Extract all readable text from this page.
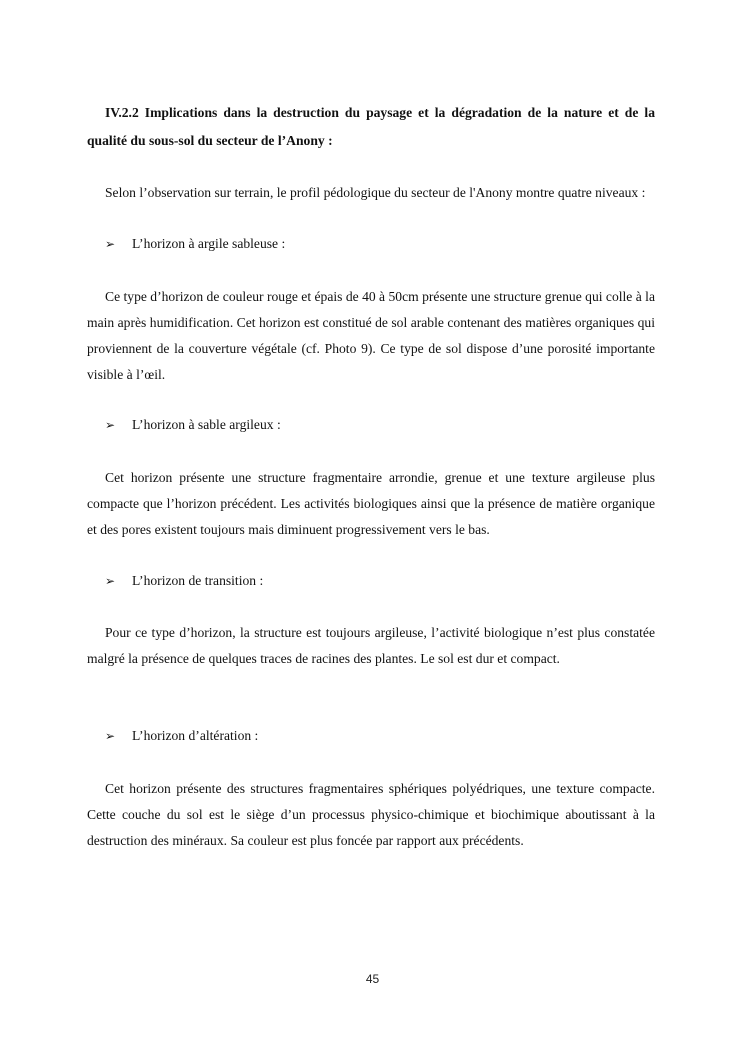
IV.2.2 Implications dans la destruction du paysage et la dégradation de la nature et de la qualité du sous-sol du secteur de l’Anony :

Selon l’observation sur terrain, le profil pédologique du secteur de l'Anony montre quatre niveaux :

➢	L’horizon à argile sableuse :

Ce type d’horizon de couleur rouge et épais de 40 à 50cm présente une structure grenue qui colle à la main après humidification. Cet horizon est constitué de sol arable contenant des matières organiques qui proviennent de la couverture végétale (cf. Photo 9). Ce type de sol dispose d’une porosité importante visible à l’œil.

➢	L’horizon à sable argileux :

Cet horizon présente une structure fragmentaire arrondie, grenue et une texture argileuse plus compacte que l’horizon précédent. Les activités biologiques ainsi que la présence de matière organique et des pores existent toujours mais diminuent progressivement vers le bas.

➢	L’horizon de transition :

Pour ce type d’horizon, la structure est toujours argileuse, l’activité biologique n’est plus constatée malgré la présence de quelques traces de racines des plantes. Le sol est dur et compact.

➢	L’horizon d’altération :

Cet horizon présente des structures fragmentaires sphériques polyédriques, une texture compacte. Cette couche du sol est le siège d’un processus physico-chimique et biochimique aboutissant à la destruction des minéraux. Sa couleur est plus foncée par rapport aux précédents.

45
